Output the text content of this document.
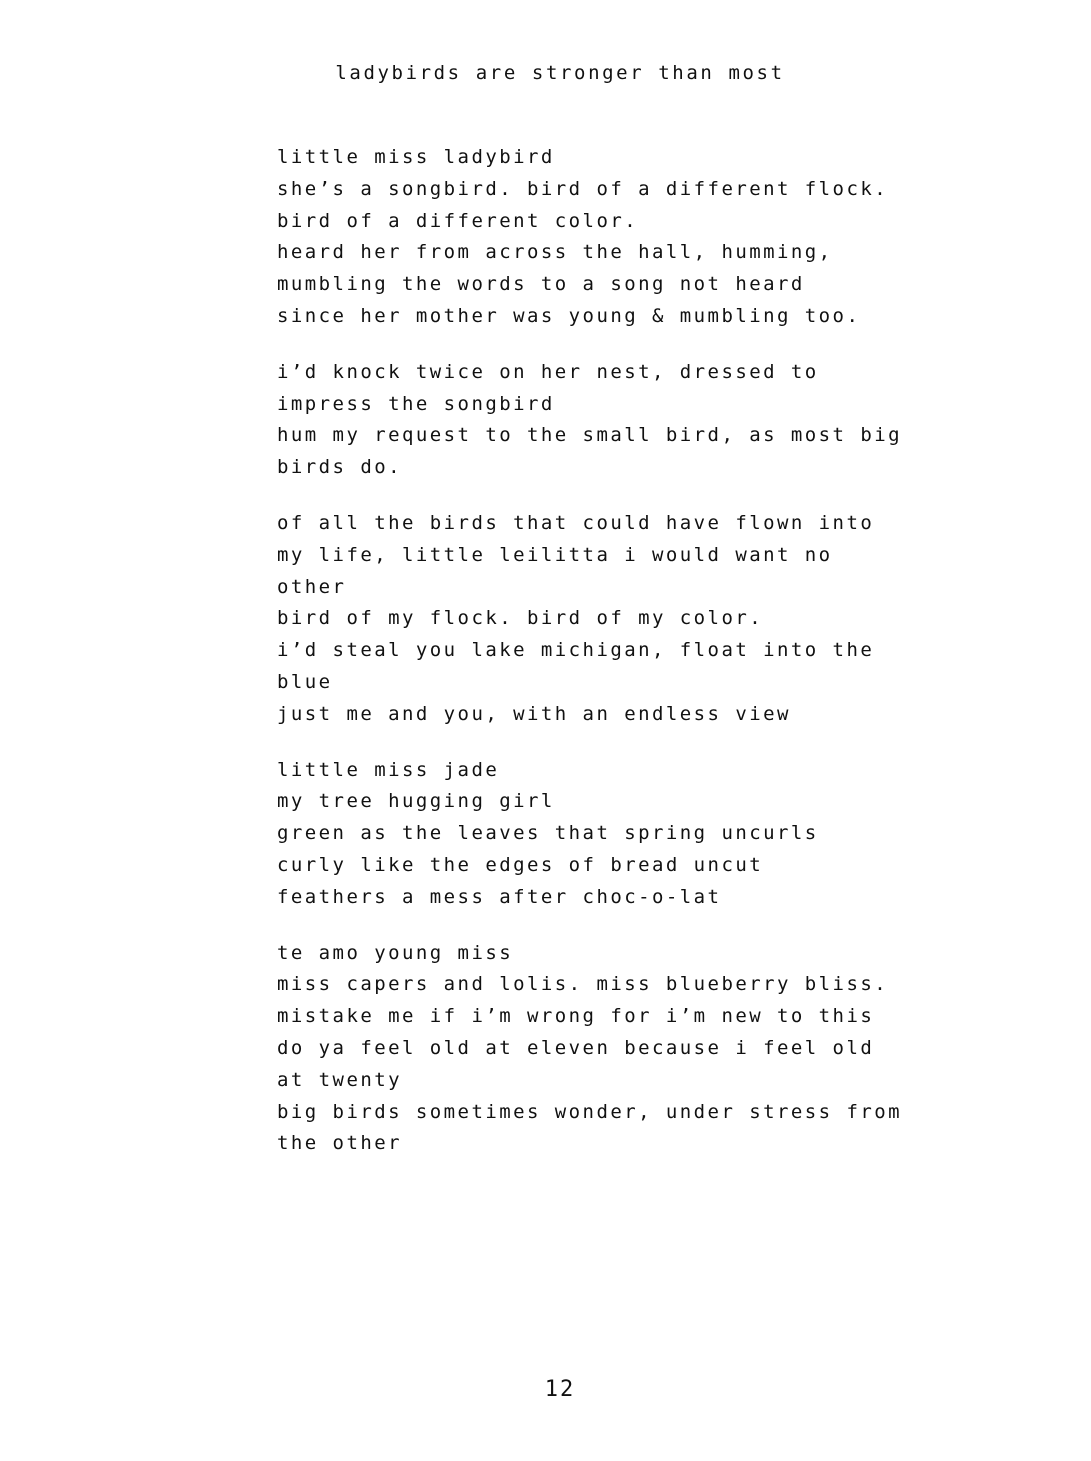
ladybirds are stronger than most
little miss ladybird
she’s a songbird. bird of a different flock.
bird of a different color.
heard her from across the hall, humming,
mumbling the words to a song not heard
since her mother was young & mumbling too.
i’d knock twice on her nest, dressed to
impress the songbird
hum my request to the small bird, as most big
birds do.
of all the birds that could have flown into
my life, little leilitta i would want no
other
bird of my flock. bird of my color.
i’d steal you lake michigan, float into the
blue
just me and you, with an endless view
little miss jade
my tree hugging girl
green as the leaves that spring uncurls
curly like the edges of bread uncut
feathers a mess after choc-o-lat
te amo young miss
miss capers and lolis. miss blueberry bliss.
mistake me if i’m wrong for i’m new to this
do ya feel old at eleven because i feel old
at twenty
big birds sometimes wonder, under stress from
the other

12
